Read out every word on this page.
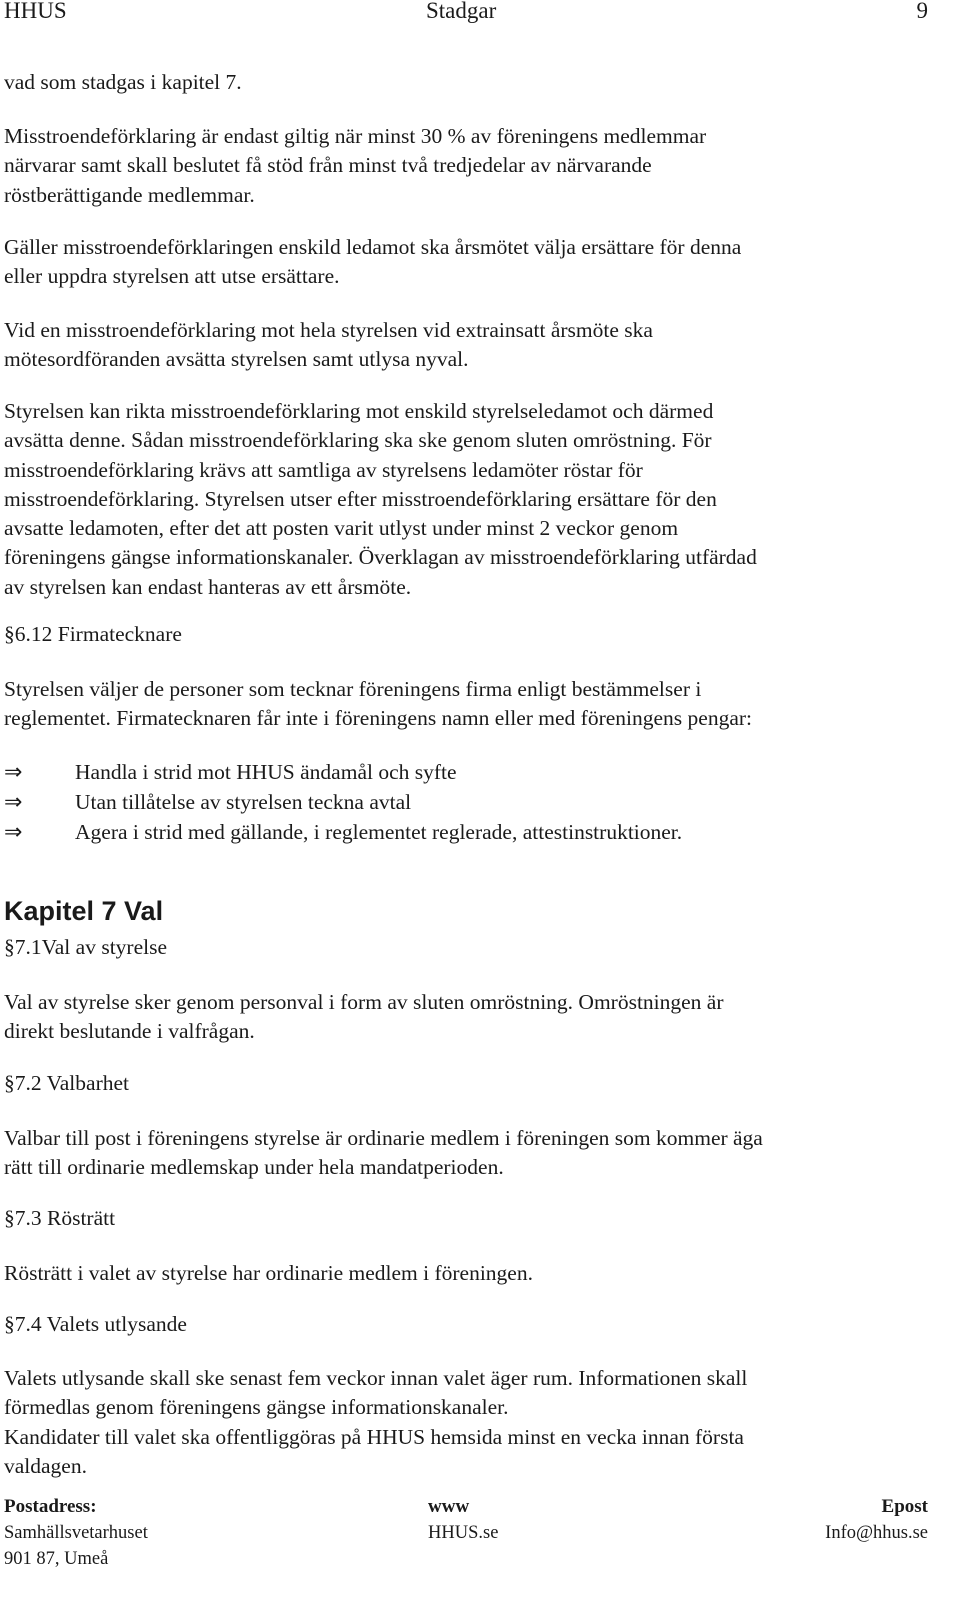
HHUS	Stadgar	9
vad som stadgas i kapitel 7.
Misstroendeförklaring är endast giltig när minst 30 % av föreningens medlemmar
närvarar samt skall beslutet få stöd från minst två tredjedelar av närvarande
röstberättigande medlemmar.
Gäller misstroendeförklaringen enskild ledamot ska årsmötet välja ersättare för denna
eller uppdra styrelsen att utse ersättare.
Vid en misstroendeförklaring mot hela styrelsen vid extrainsatt årsmöte ska
mötesordföranden avsätta styrelsen samt utlysa nyval.
Styrelsen kan rikta misstroendeförklaring mot enskild styrelseledamot och därmed
avsätta denne. Sådan misstroendeförklaring ska ske genom sluten omröstning. För
misstroendeförklaring krävs att samtliga av styrelsens ledamöter röstar för
misstroendeförklaring. Styrelsen utser efter misstroendeförklaring ersättare för den
avsatte ledamoten, efter det att posten varit utlyst under minst 2 veckor genom
föreningens gängse informationskanaler. Överklagan av misstroendeförklaring utfärdad
av styrelsen kan endast hanteras av ett årsmöte.
§6.12 Firmatecknare
Styrelsen väljer de personer som tecknar föreningens firma enligt bestämmelser i
reglementet. Firmatecknaren får inte i föreningens namn eller med föreningens pengar:
⇒ Handla i strid mot HHUS ändamål och syfte
⇒ Utan tillåtelse av styrelsen teckna avtal
⇒ Agera i strid med gällande, i reglementet reglerade, attestinstruktioner.
Kapitel 7 Val
§7.1Val av styrelse
Val av styrelse sker genom personval i form av sluten omröstning. Omröstningen är
direkt beslutande i valfrågan.
§7.2 Valbarhet
Valbar till post i föreningens styrelse är ordinarie medlem i föreningen som kommer äga
rätt till ordinarie medlemskap under hela mandatperioden.
§7.3 Rösträtt
Rösträtt i valet av styrelse har ordinarie medlem i föreningen.
§7.4 Valets utlysande
Valets utlysande skall ske senast fem veckor innan valet äger rum. Informationen skall
förmedlas genom föreningens gängse informationskanaler.
Kandidater till valet ska offentliggöras på HHUS hemsida minst en vecka innan första
valdagen.
Postadress:
Samhällsvetarhuset
901 87, Umeå
www
HHUS.se
Epost
Info@hhus.se
